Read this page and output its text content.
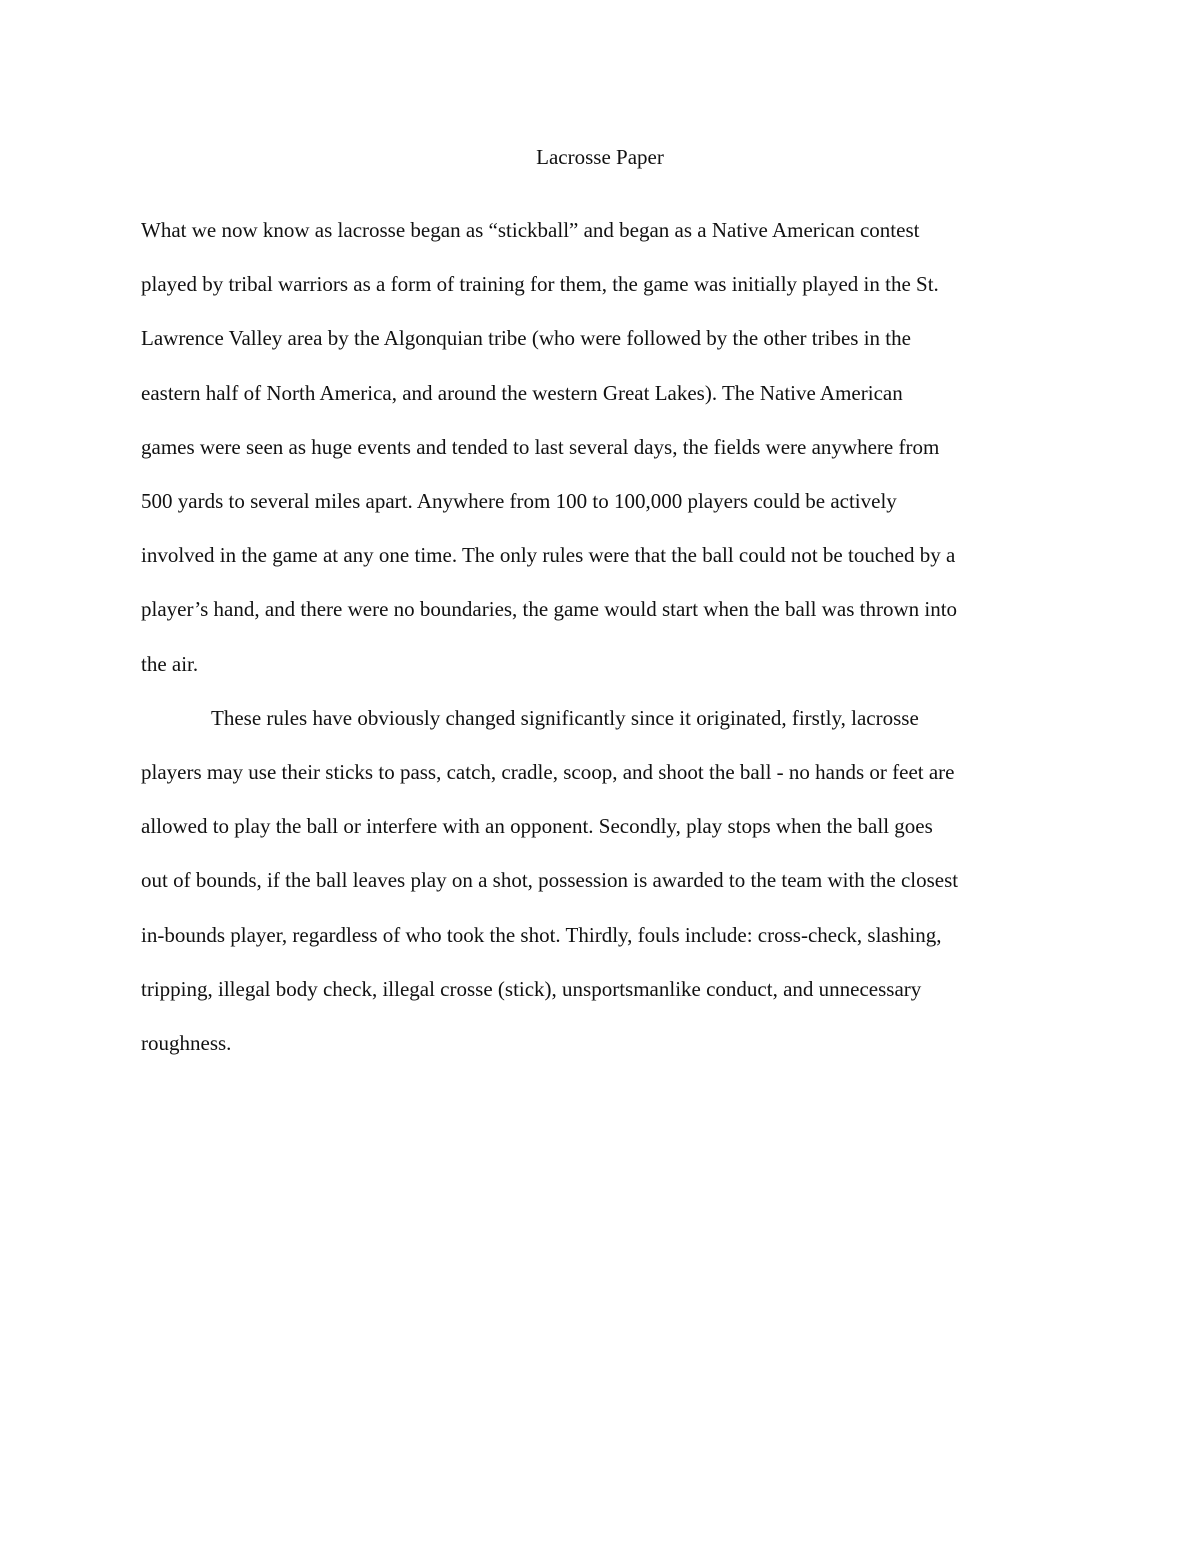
Lacrosse Paper

What we now know as lacrosse began as “stickball” and began as a Native American contest
played by tribal warriors as a form of training for them, the game was initially played in the St.
Lawrence Valley area by the Algonquian tribe (who were followed by the other tribes in the
eastern half of North America, and around the western Great Lakes). The Native American
games were seen as huge events and tended to last several days, the fields were anywhere from
500 yards to several miles apart. Anywhere from 100 to 100,000 players could be actively
involved in the game at any one time. The only rules were that the ball could not be touched by a
player’s hand, and there were no boundaries, the game would start when the ball was thrown into
the air.

These rules have obviously changed significantly since it originated, firstly, lacrosse
players may use their sticks to pass, catch, cradle, scoop, and shoot the ball - no hands or feet are
allowed to play the ball or interfere with an opponent. Secondly, play stops when the ball goes
out of bounds, if the ball leaves play on a shot, possession is awarded to the team with the closest
in-bounds player, regardless of who took the shot. Thirdly, fouls include: cross-check, slashing,
tripping, illegal body check, illegal crosse (stick), unsportsmanlike conduct, and unnecessary
roughness.
